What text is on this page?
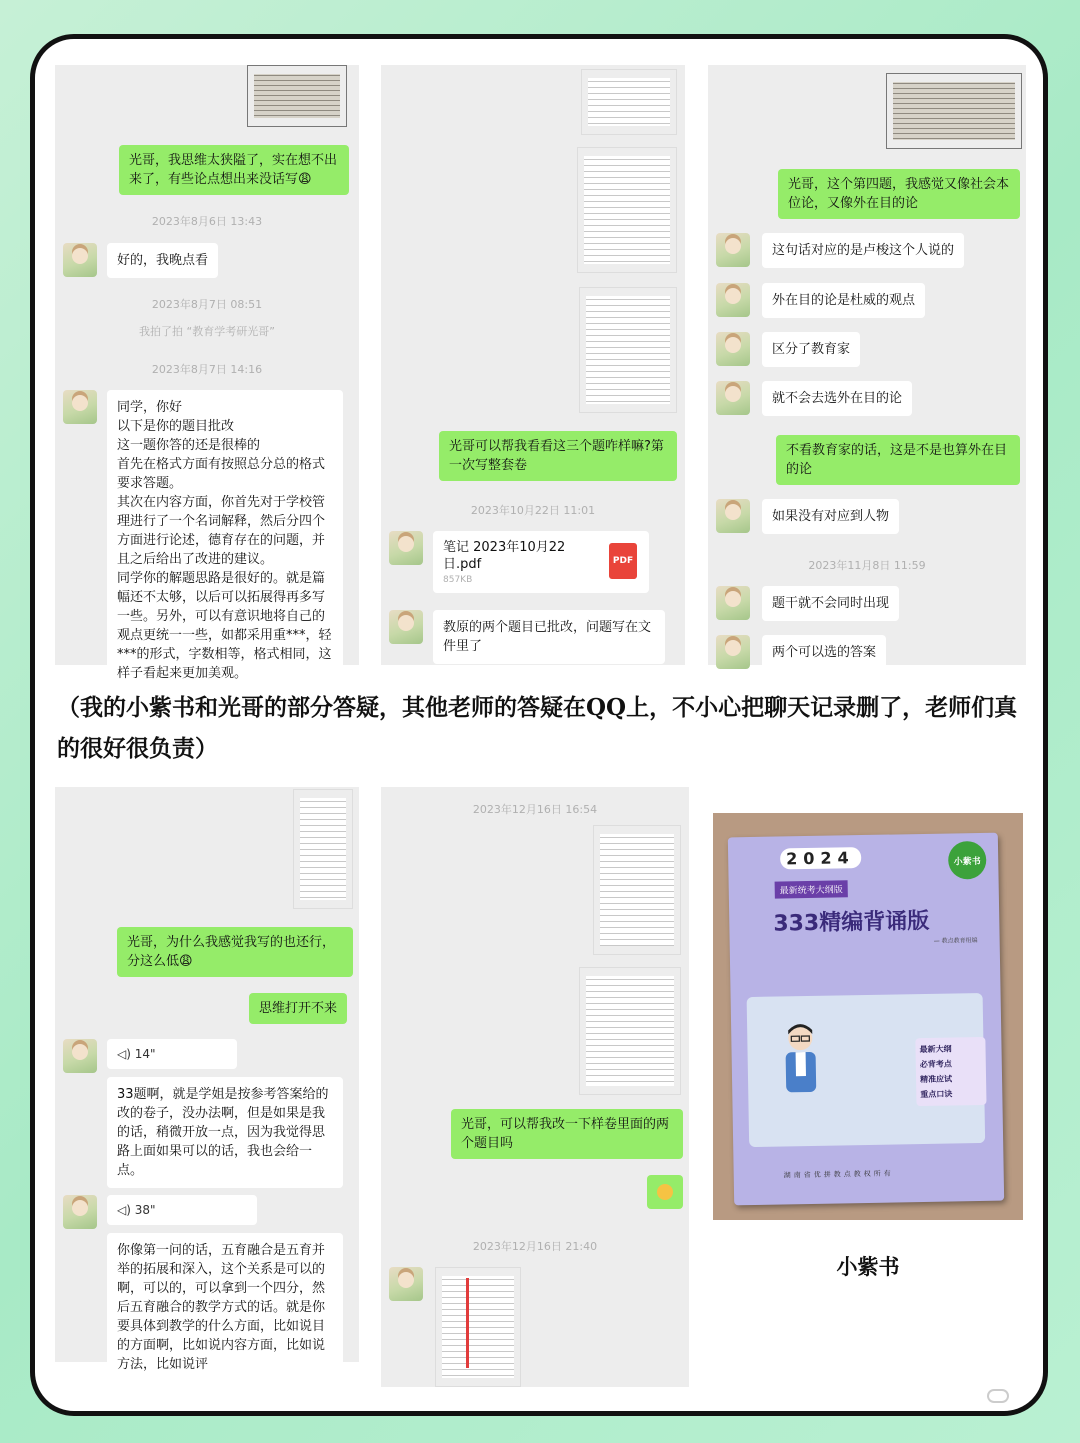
光哥，我思维太狭隘了，实在想不出来了，有些论点想出来没话写😩
2023年8月6日 13:43
好的，我晚点看
2023年8月7日 08:51
我拍了拍 “教育学考研光哥”
2023年8月7日 14:16
同学，你好
以下是你的题目批改
这一题你答的还是很棒的
首先在格式方面有按照总分总的格式要求答题。
其次在内容方面，你首先对于学校管理进行了一个名词解释，然后分四个方面进行论述，德育存在的问题，并且之后给出了改进的建议。
同学你的解题思路是很好的。就是篇幅还不太够，以后可以拓展得再多写一些。另外，可以有意识地将自己的观点更统一一些，如都采用重***，轻***的形式，字数相等，格式相同，这样子看起来更加美观。
光哥可以帮我看看这三个题咋样嘛?第一次写整套卷
2023年10月22日 11:01
笔记 2023年10月22日.pdf
857KB
PDF
教原的两个题目已批改，问题写在文件里了
光哥，这个第四题，我感觉又像社会本位论，又像外在目的论
这句话对应的是卢梭这个人说的
外在目的论是杜威的观点
区分了教育家
就不会去选外在目的论
不看教育家的话，这是不是也算外在目的论
如果没有对应到人物
2023年11月8日 11:59
题干就不会同时出现
两个可以选的答案
（我的小紫书和光哥的部分答疑，其他老师的答疑在QQ上，不小心把聊天记录删了，老师们真的很好很负责）
光哥，为什么我感觉我写的也还行，分这么低😩
思维打开不来
◁) 14"
33题啊，就是学姐是按参考答案给的改的卷子，没办法啊，但是如果是我的话，稍微开放一点，因为我觉得思路上面如果可以的话，我也会给一点。
◁) 38"
你像第一问的话，五育融合是五育并举的拓展和深入，这个关系是可以的啊，可以的，可以拿到一个四分，然后五育融合的教学方式的话。就是你要具体到教学的什么方面，比如说目的方面啊，比如说内容方面，比如说方法，比如说评
2023年12月16日 16:54
光哥，可以帮我改一下样卷里面的两个题目吗
2023年12月16日 21:40
2024	小紫书
最新统考大纲版
333精编背诵版
— 教点教育组编
最新大纲
必背考点
精准应试
重点口诀
湖南省优拼教点教权所有
小紫书
